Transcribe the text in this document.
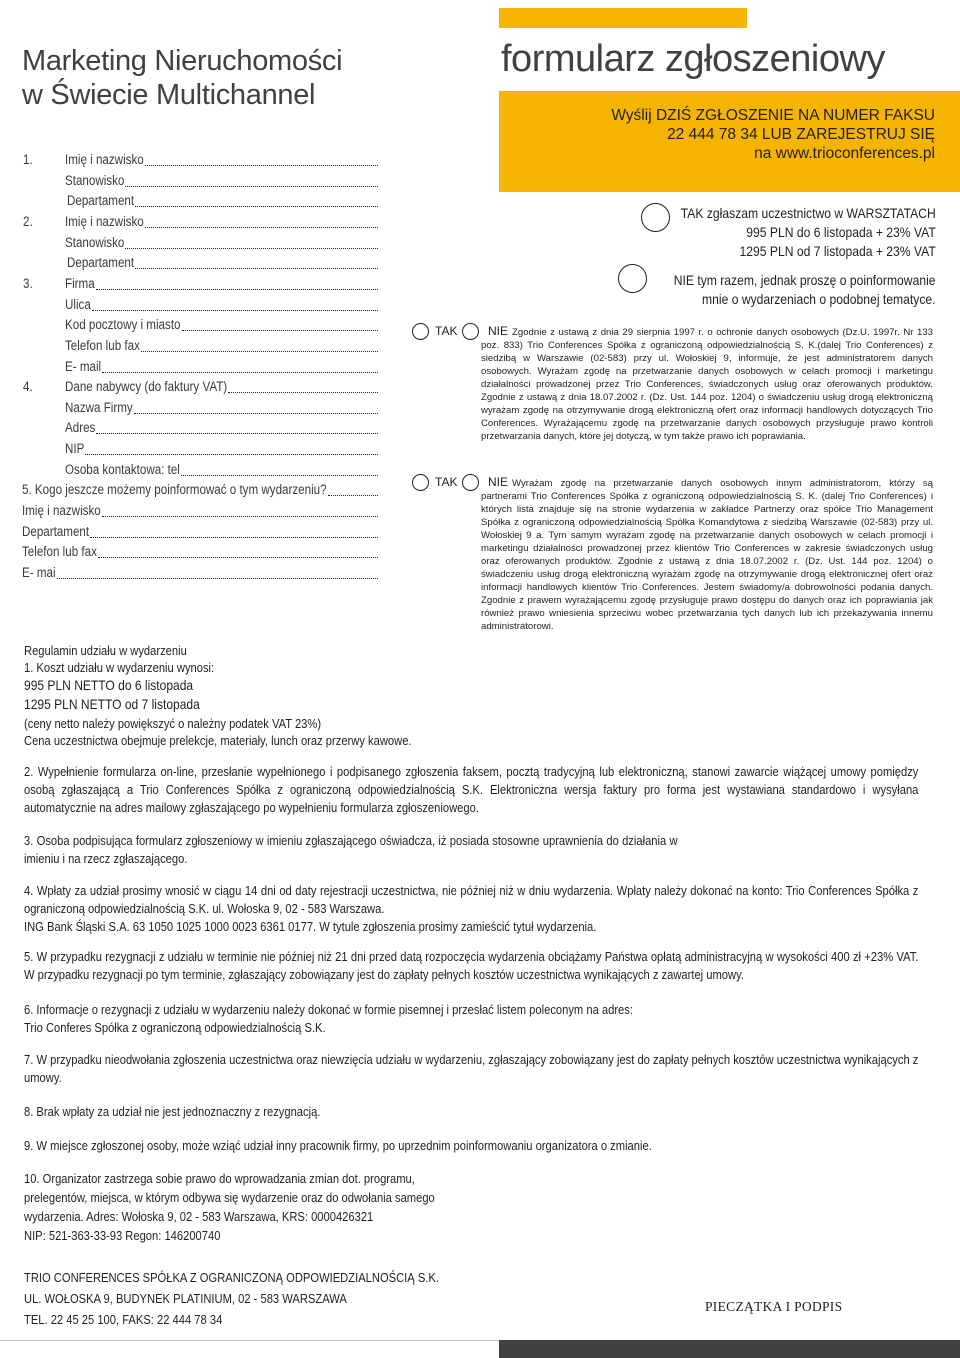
Marketing Nieruchomości
w Świecie Multichannel
formularz zgłoszeniowy
Wyślij DZIŚ ZGŁOSZENIE NA NUMER FAKSU
22 444 78 34 LUB ZAREJESTRUJ SIĘ
na www.trioconferences.pl
1. Imię i nazwisko
Stanowisko
Departament
2. Imię i nazwisko
Stanowisko
Departament
3. Firma
Ulica
Kod pocztowy i miasto
Telefon lub fax
E- mail
4. Dane nabywcy (do faktury VAT)
Nazwa Firmy
Adres
NIP
Osoba kontaktowa: tel
5. Kogo jeszcze możemy poinformować o tym wydarzeniu?
Imię i nazwisko
Departament
Telefon lub fax
E- mai
TAK zgłaszam uczestnictwo w WARSZTATACH
995 PLN do 6 listopada + 23% VAT
1295 PLN od 7 listopada + 23% VAT
NIE tym razem, jednak proszę o poinformowanie
mnie o wydarzeniach o podobnej tematyce.
TAK	NIE Zgodnie z ustawą z dnia 29 sierpnia 1997 r. o ochronie danych osobowych (Dz.U. 1997r. Nr 133 poz. 833) Trio Conferences Spółka z ograniczoną odpowiedzialnością S. K.(dalej Trio Conferences) z siedzibą w Warszawie (02-583) przy ul. Wołoskiej 9, informuje, że jest administratorem danych osobowych. Wyrażam zgodę na przetwarzanie danych osobowych w celach promocji i marketingu działalności prowadzonej przez Trio Conferences, świadczonych usług oraz oferowanych produktów. Zgodnie z ustawą z dnia 18.07.2002 r. (Dz. Ust. 144 poz. 1204) o świadczeniu usług drogą elektroniczną wyrażam zgodę na otrzymywanie drogą elektroniczną ofert oraz informacji handlowych dotyczących Trio Conferences. Wyrażającemu zgodę na przetwarzanie danych osobowych przysługuje prawo kontroli przetwarzania danych, które jej dotyczą, w tym także prawo ich poprawiania.
TAK	NIE Wyrażam zgodę na przetwarzanie danych osobowych innym administratorom, którzy są partnerami Trio Conferences Spółka z ograniczoną odpowiedzialnością S. K. (dalej Trio Conferences) i których lista znajduje się na stronie wydarzenia w zakładce Partnerzy oraz spółce Trio Management Spółka z ograniczoną odpowiedzialnością Spółka Komandytowa z siedzibą Warszawie (02-583) przy ul. Wołoskiej 9 a. Tym samym wyrażam zgodę na przetwarzanie danych osobowych w celach promocji i marketingu działalności prowadzonej przez klientów Trio Conferences w zakresie świadczonych usług oraz oferowanych produktów. Zgodnie z ustawą z dnia 18.07.2002 r. (Dz. Ust. 144 poz. 1204) o świadczeniu usług drogą elektroniczną wyrażam zgodę na otrzymywanie drogą elektronicznej ofert oraz informacji handlowych klientów Trio Conferences. Jestem świadomy/a dobrowolności podania danych. Zgodnie z prawem wyrażającemu zgodę przysługuje prawo dostępu do danych oraz ich poprawiania jak również prawo wniesienia sprzeciwu wobec przetwarzania tych danych lub ich przekazywania innemu administratorowi.
Regulamin udziału w wydarzeniu
1. Koszt udziału w wydarzeniu wynosi:
995 PLN NETTO do 6 listopada
1295 PLN NETTO od 7 listopada
(ceny netto należy powiększyć o należny podatek VAT 23%)
Cena uczestnictwa obejmuje prelekcje, materiały, lunch oraz przerwy kawowe.
2. Wypełnienie formularza on-line, przesłanie wypełnionego i podpisanego zgłoszenia faksem, pocztą tradycyjną lub elektroniczną, stanowi zawarcie wiążącej umowy pomiędzy osobą zgłaszającą a Trio Conferences Spółka z ograniczoną odpowiedzialnością S.K. Elektroniczna wersja faktury pro forma jest wystawiana standardowo i wysyłana automatycznie na adres mailowy zgłaszającego po wypełnieniu formularza zgłoszeniowego.
3. Osoba podpisująca formularz zgłoszeniowy w imieniu zgłaszającego oświadcza, iż posiada stosowne uprawnienia do działania w imieniu i na rzecz zgłaszającego.
4. Wpłaty za udział prosimy wnosić w ciągu 14 dni od daty rejestracji uczestnictwa, nie później niż w dniu wydarzenia. Wpłaty należy dokonać na konto: Trio Conferences Spółka z ograniczoną odpowiedzialnością S.K. ul. Wołoska 9, 02 - 583 Warszawa.
ING Bank Śląski S.A. 63 1050 1025 1000 0023 6361 0177. W tytule zgłoszenia prosimy zamieścić tytuł wydarzenia.
5. W przypadku rezygnacji z udziału w terminie nie później niż 21 dni przed datą rozpoczęcia wydarzenia obciążamy Państwa opłatą administracyjną w wysokości 400 zł +23% VAT. W przypadku rezygnacji po tym terminie, zgłaszający zobowiązany jest do zapłaty pełnych kosztów uczestnictwa wynikających z zawartej umowy.
6. Informacje o rezygnacji z udziału w wydarzeniu należy dokonać w formie pisemnej i przesłać listem poleconym na adres:
Trio Conferes Spółka z ograniczoną odpowiedzialnością S.K.
7. W przypadku nieodwołania zgłoszenia uczestnictwa oraz niewzięcia udziału w wydarzeniu, zgłaszający zobowiązany jest do zapłaty pełnych kosztów uczestnictwa wynikających z umowy.
8. Brak wpłaty za udział nie jest jednoznaczny z rezygnacją.
9. W miejsce zgłoszonej osoby, może wziąć udział inny pracownik firmy, po uprzednim poinformowaniu organizatora o zmianie.
10. Organizator zastrzega sobie prawo do wprowadzania zmian dot. programu,
prelegentów, miejsca, w którym odbywa się wydarzenie oraz do odwołania samego
wydarzenia. Adres: Wołoska 9, 02 - 583 Warszawa, KRS: 0000426321
NIP: 521-363-33-93 Regon: 146200740
TRIO CONFERENCES SPÓŁKA Z OGRANICZONĄ ODPOWIEDZIALNOŚCIĄ S.K.
UL. WOŁOSKA 9, BUDYNEK PLATINIUM, 02 - 583 WARSZAWA
TEL. 22 45 25 100, FAKS: 22 444 78 34
PIECZĄTKA I PODPIS
